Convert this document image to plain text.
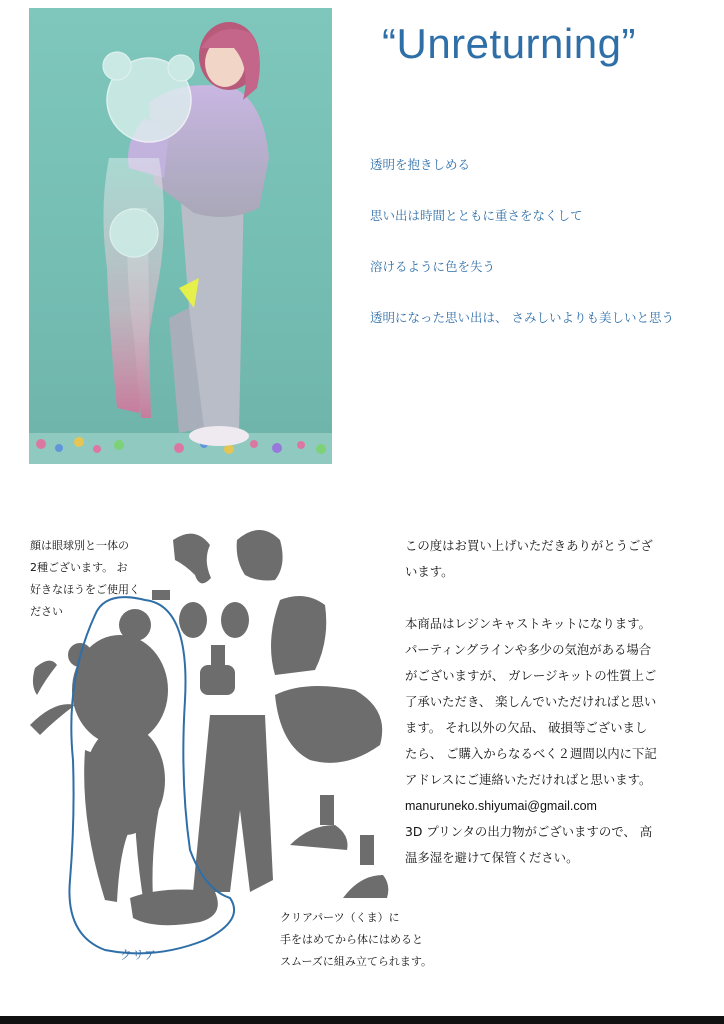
“Unreturning”
透明を抱きしめる
思い出は時間とともに重さをなくして
溶けるように色を失う
透明になった思い出は、 さみしいよりも美しいと思う
顔は眼球別と一体の
2種ございます。 お
好きなほうをご使用く
ださい
クリア
クリアパーツ（くま）に
手をはめてから体にはめると
スムーズに組み立てられます。

この度はお買い上げいただきありがとうござ

います。

本商品はレジンキャストキットになります。

パーティングラインや多少の気泡がある場合

がございますが、 ガレージキットの性質上ご

了承いただき、 楽しんでいただければと思い

ます。 それ以外の欠品、 破損等ございまし

たら、 ご購入からなるべく２週間以内に下記

アドレスにご連絡いただければと思います。

manuruneko.shiyumai@gmail.com

3D プリンタの出力物がございますので、 高

温多湿を避けて保管ください。
